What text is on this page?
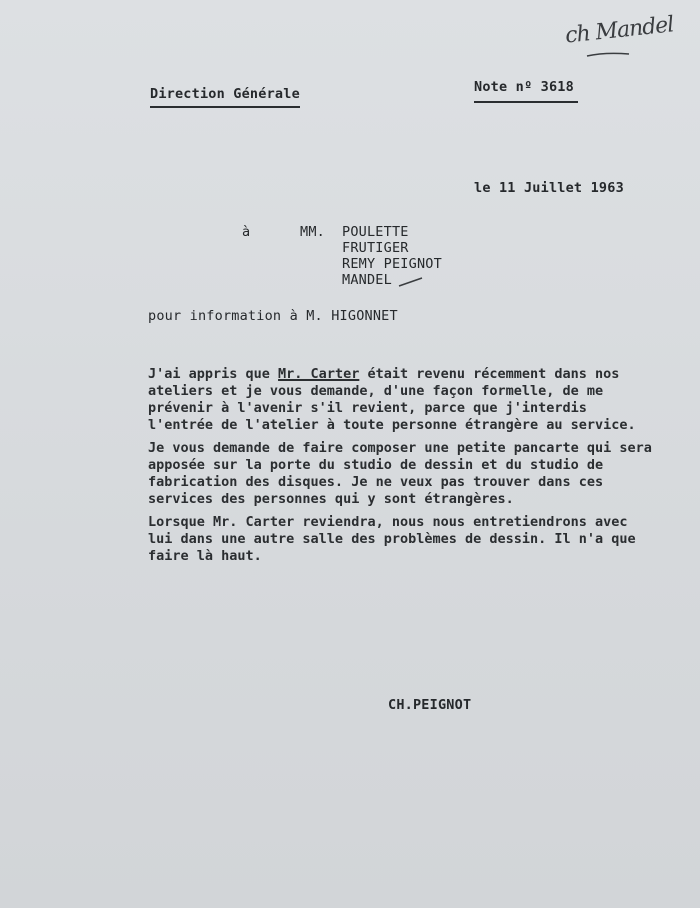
ch Mandel
Direction Générale	Note nº 3618
le 11 Juillet 1963
à	MM. POULETTE
FRUTIGER
REMY PEIGNOT
MANDEL
pour information à M. HIGONNET

J'ai appris que Mr. Carter était revenu récemment dans nos ateliers et je vous demande, d'une façon formelle, de me prévenir à l'avenir s'il revient, parce que j'interdis l'entrée de l'atelier à toute personne étrangère au service.

Je vous demande de faire composer une petite pancarte qui sera apposée sur la porte du studio de dessin et du studio de fabrication des disques. Je ne veux pas trouver dans ces services des personnes qui y sont étrangères.

Lorsque Mr. Carter reviendra, nous nous entretiendrons avec lui dans une autre salle des problèmes de dessin. Il n'a que faire là haut.

CH.PEIGNOT
